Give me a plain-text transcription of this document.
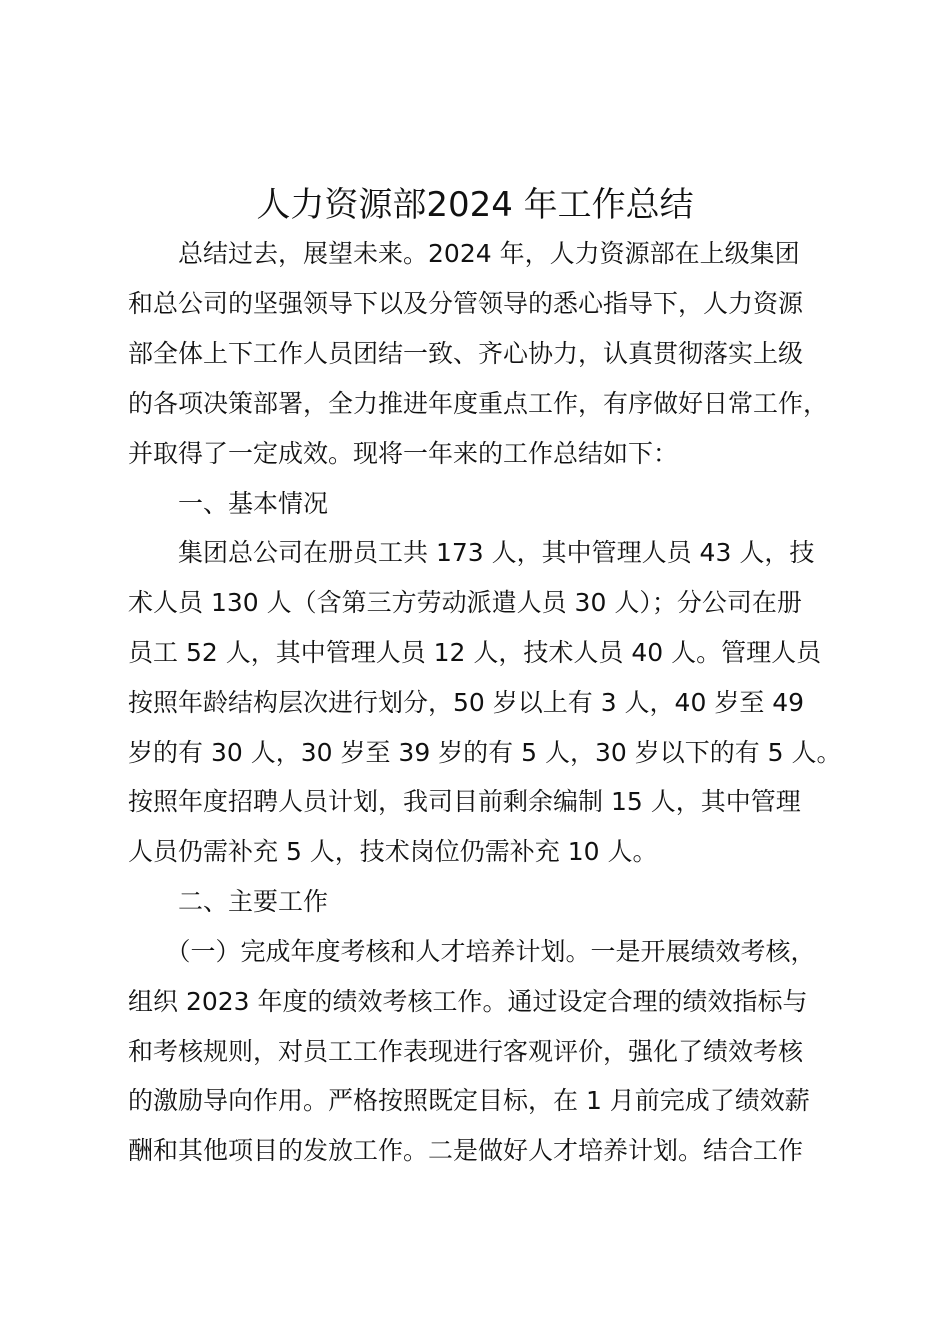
人力资源部2024 年工作总结
　　总结过去，展望未来。2024 年，人力资源部在上级集团
和总公司的坚强领导下以及分管领导的悉心指导下，人力资源
部全体上下工作人员团结一致、齐心协力，认真贯彻落实上级
的各项决策部署，全力推进年度重点工作，有序做好日常工作，
并取得了一定成效。现将一年来的工作总结如下：
　　一、基本情况
　　集团总公司在册员工共 173 人，其中管理人员 43 人，技
术人员 130 人（含第三方劳动派遣人员 30 人）；分公司在册
员工 52 人，其中管理人员 12 人，技术人员 40 人。管理人员
按照年龄结构层次进行划分，50 岁以上有 3 人，40 岁至 49
岁的有 30 人，30 岁至 39 岁的有 5 人，30 岁以下的有 5 人。
按照年度招聘人员计划，我司目前剩余编制 15 人，其中管理
人员仍需补充 5 人，技术岗位仍需补充 10 人。
　　二、主要工作
　　（一）完成年度考核和人才培养计划。一是开展绩效考核，
组织 2023 年度的绩效考核工作。通过设定合理的绩效指标与
和考核规则，对员工工作表现进行客观评价，强化了绩效考核
的激励导向作用。严格按照既定目标，在 1 月前完成了绩效薪
酬和其他项目的发放工作。二是做好人才培养计划。结合工作
